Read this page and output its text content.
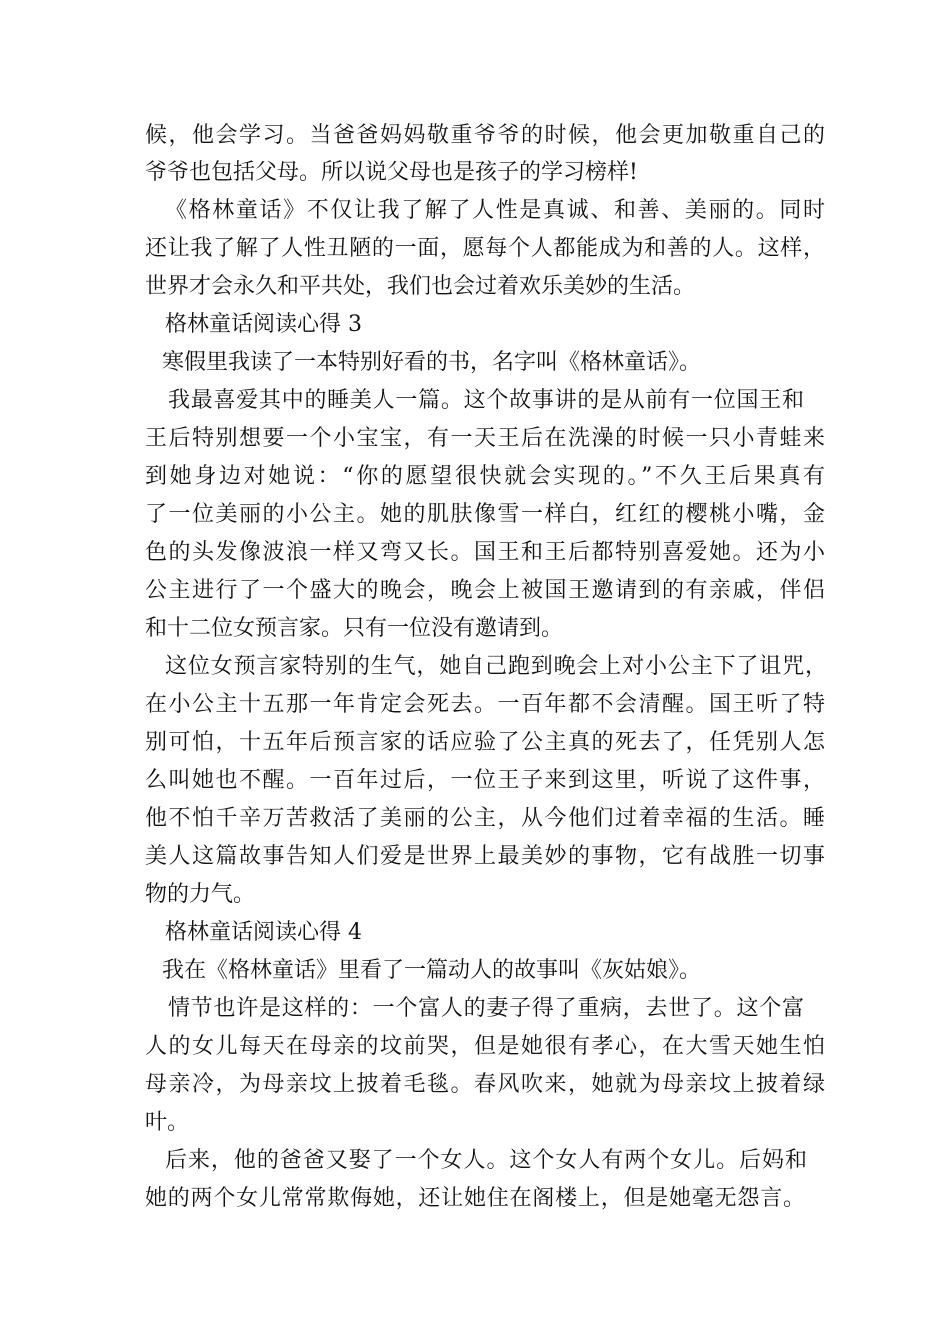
候，他会学习。当爸爸妈妈敬重爷爷的时候，他会更加敬重自己的
爷爷也包括父母。所以说父母也是孩子的学习榜样!
《格林童话》不仅让我了解了人性是真诚、和善、美丽的。同时
还让我了解了人性丑陋的一面，愿每个人都能成为和善的人。这样，
世界才会永久和平共处，我们也会过着欢乐美妙的生活。
格林童话阅读心得 3
寒假里我读了一本特别好看的书，名字叫《格林童话》。
我最喜爱其中的睡美人一篇。这个故事讲的是从前有一位国王和
王后特别想要一个小宝宝，有一天王后在洗澡的时候一只小青蛙来
到她身边对她说：“你的愿望很快就会实现的。”不久王后果真有
了一位美丽的小公主。她的肌肤像雪一样白，红红的樱桃小嘴，金
色的头发像波浪一样又弯又长。国王和王后都特别喜爱她。还为小
公主进行了一个盛大的晚会，晚会上被国王邀请到的有亲戚，伴侣
和十二位女预言家。只有一位没有邀请到。
这位女预言家特别的生气，她自己跑到晚会上对小公主下了诅咒，
在小公主十五那一年肯定会死去。一百年都不会清醒。国王听了特
别可怕，十五年后预言家的话应验了公主真的死去了，任凭别人怎
么叫她也不醒。一百年过后，一位王子来到这里，听说了这件事，
他不怕千辛万苦救活了美丽的公主，从今他们过着幸福的生活。睡
美人这篇故事告知人们爱是世界上最美妙的事物，它有战胜一切事
物的力气。
格林童话阅读心得 4
我在《格林童话》里看了一篇动人的故事叫《灰姑娘》。
情节也许是这样的：一个富人的妻子得了重病，去世了。这个富
人的女儿每天在母亲的坟前哭，但是她很有孝心，在大雪天她生怕
母亲冷，为母亲坟上披着毛毯。春风吹来，她就为母亲坟上披着绿
叶。
后来，他的爸爸又娶了一个女人。这个女人有两个女儿。后妈和
她的两个女儿常常欺侮她，还让她住在阁楼上，但是她毫无怨言。
